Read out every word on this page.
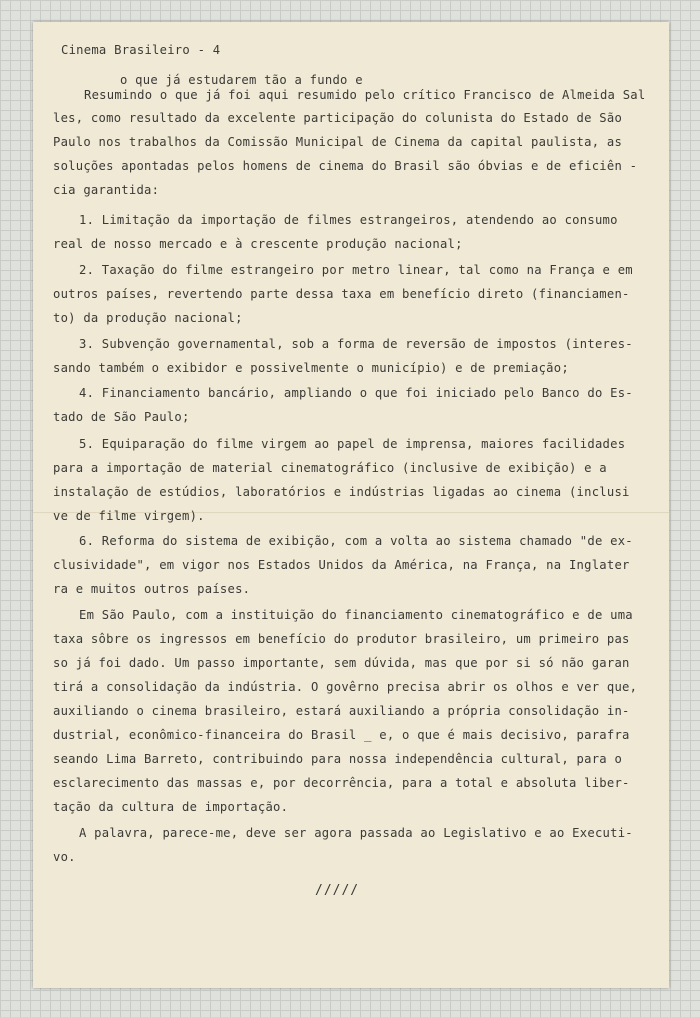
Cinema Brasileiro - 4
o que já estudarem tão a fundo e
Resumindo o que já foi aqui resumido pelo crítico Francisco de Almeida Sal
les, como resultado da excelente participação do colunista do Estado de São
Paulo nos trabalhos da Comissão Municipal de Cinema da capital paulista, as
soluções apontadas pelos homens de cinema do Brasil são óbvias e de eficiên -
cia garantida:
1. Limitação da importação de filmes estrangeiros, atendendo ao consumo
real de nosso mercado e à crescente produção nacional;
2. Taxação do filme estrangeiro por metro linear, tal como na França e em
outros países, revertendo parte dessa taxa em benefício direto (financiamen-
to) da produção nacional;
3. Subvenção governamental, sob a forma de reversão de impostos (interes-
sando também o exibidor e possivelmente o município) e de premiação;
4. Financiamento bancário, ampliando o que foi iniciado pelo Banco do Es-
tado de São Paulo;
5. Equiparação do filme virgem ao papel de imprensa, maiores facilidades
para a importação de material cinematográfico (inclusive de exibição) e a
instalação de estúdios, laboratórios e indústrias ligadas ao cinema (inclusi
ve de filme virgem).
6. Reforma do sistema de exibição, com a volta ao sistema chamado "de ex-
clusividade", em vigor nos Estados Unidos da América, na França, na Inglater
ra e muitos outros países.
Em São Paulo, com a instituição do financiamento cinematográfico e de uma
taxa sôbre os ingressos em benefício do produtor brasileiro, um primeiro pas
so já foi dado. Um passo importante, sem dúvida, mas que por si só não garan
tirá a consolidação da indústria. O govêrno precisa abrir os olhos e ver que,
auxiliando o cinema brasileiro, estará auxiliando a própria consolidação in-
dustrial, econômico-financeira do Brasil _ e, o que é mais decisivo, parafra
seando Lima Barreto, contribuindo para nossa independência cultural, para o
esclarecimento das massas e, por decorrência, para a total e absoluta liber-
tação da cultura de importação.
A palavra, parece-me, deve ser agora passada ao Legislativo e ao Executi-
vo.
/////
